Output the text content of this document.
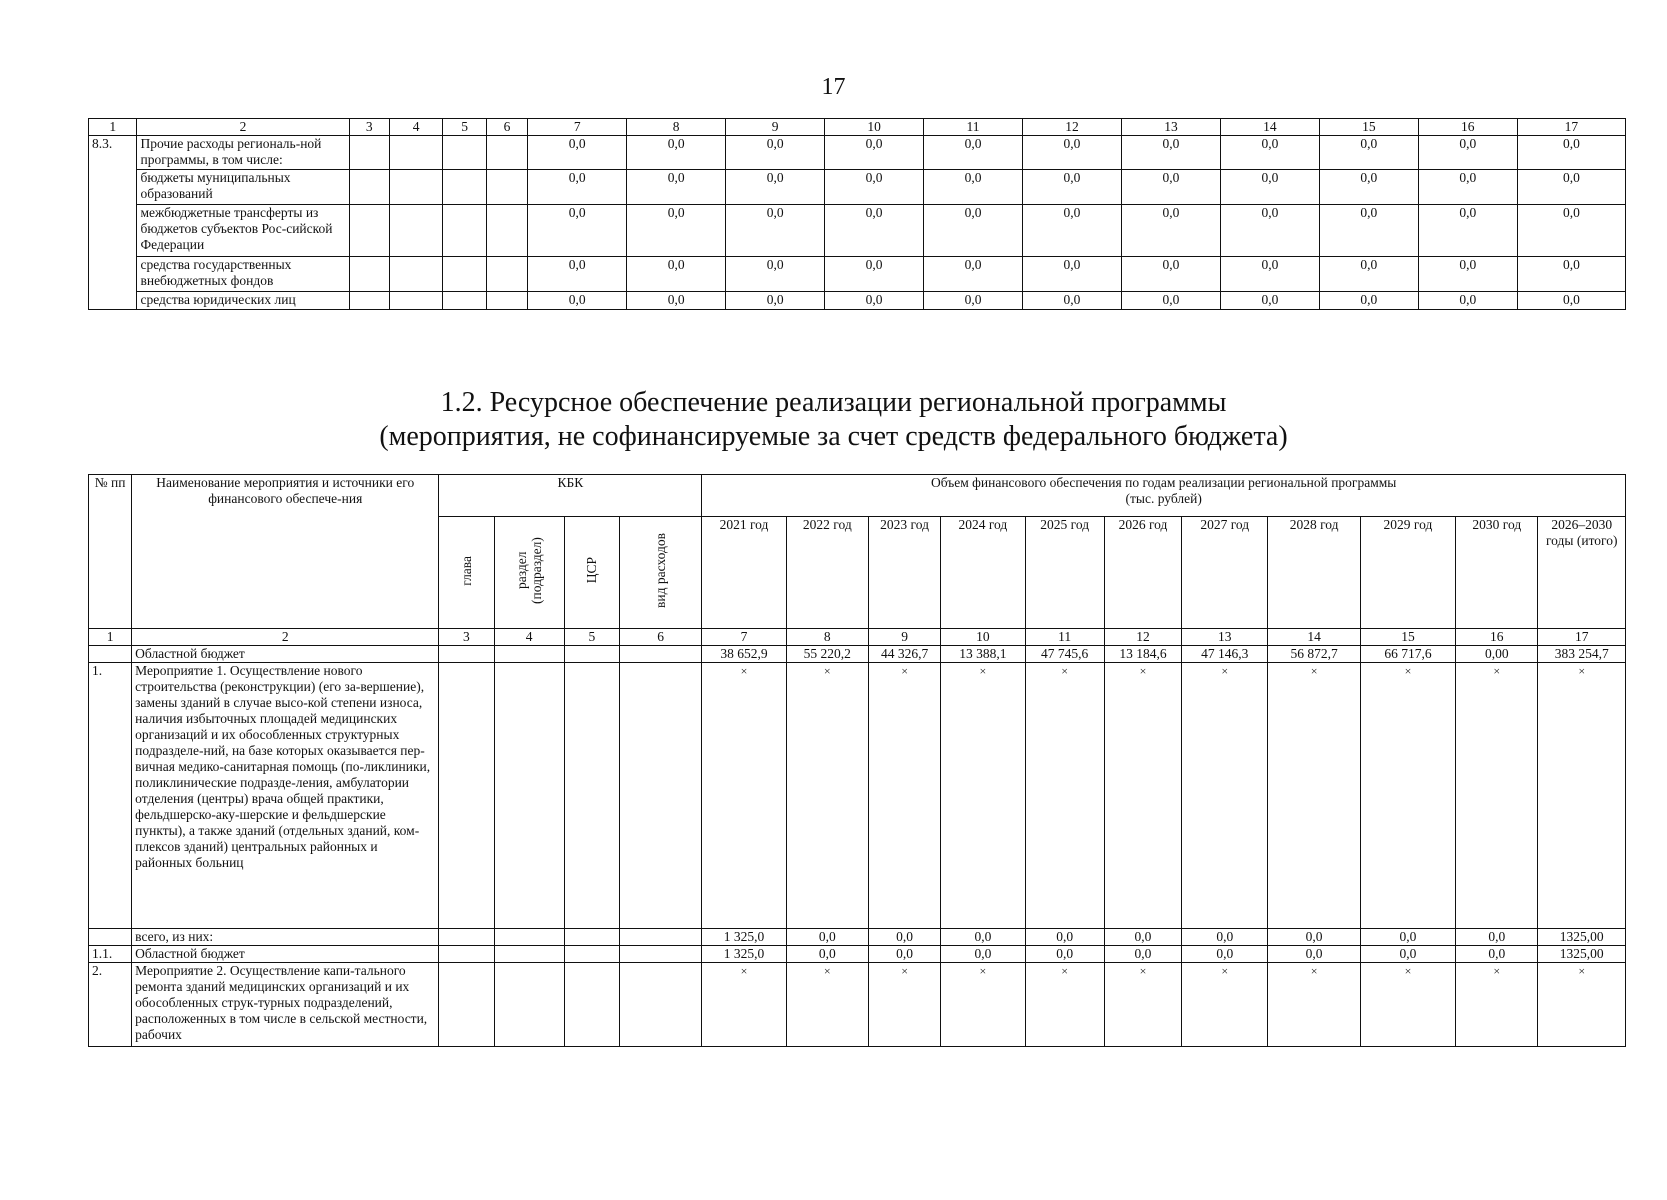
17
1	2	3	4	5	6	7	8	9	10	11	12	13	14	15	16	17
8.3.	Прочие расходы региональ-ной программы, в том числе:					0,0	0,0	0,0	0,0	0,0	0,0	0,0	0,0	0,0	0,0	0,0
	бюджеты муниципальных образований					0,0	0,0	0,0	0,0	0,0	0,0	0,0	0,0	0,0	0,0	0,0
	межбюджетные трансферты из бюджетов субъектов Рос-сийской Федерации					0,0	0,0	0,0	0,0	0,0	0,0	0,0	0,0	0,0	0,0	0,0
	средства государственных внебюджетных фондов					0,0	0,0	0,0	0,0	0,0	0,0	0,0	0,0	0,0	0,0	0,0
	средства юридических лиц					0,0	0,0	0,0	0,0	0,0	0,0	0,0	0,0	0,0	0,0	0,0
1.2. Ресурсное обеспечение реализации региональной программы
(мероприятия, не софинансируемые за счет средств федерального бюджета)
№ пп	Наименование мероприятия и источники его финансового обеспече-ния	КБК				Объем финансового обеспечения по годам реализации региональной программы
(тыс. рублей)										
		глава	раздел (подраздел)	ЦСР	вид расходов	2021 год	2022 год	2023 год	2024 год	2025 год	2026 год	2027 год	2028 год	2029 год	2030 год	2026–2030 годы (итого)
1	2	3	4	5	6	7	8	9	10	11	12	13	14	15	16	17
	Областной бюджет					38 652,9	55 220,2	44 326,7	13 388,1	47 745,6	13 184,6	47 146,3	56 872,7	66 717,6	0,00	383 254,7
1.	Мероприятие 1. Осуществление нового строительства (реконструкции) (его за-вершение), замены зданий в случае высо-кой степени износа, наличия избыточных площадей медицинских организаций и их обособленных структурных подразделе-ний, на базе которых оказывается пер-вичная медико-санитарная помощь (по-ликлиники, поликлинические подразде-ления, амбулатории отделения (центры) врача общей практики, фельдшерско-аку-шерские и фельдшерские пункты), а также зданий (отдельных зданий, ком-плексов зданий) центральных районных и районных больниц					×	×	×	×	×	×	×	×	×	×	×
	всего, из них:					1 325,0	0,0	0,0	0,0	0,0	0,0	0,0	0,0	0,0	0,0	1325,00
1.1.	Областной бюджет					1 325,0	0,0	0,0	0,0	0,0	0,0	0,0	0,0	0,0	0,0	1325,00
2.	Мероприятие 2. Осуществление капи-тального ремонта зданий медицинских организаций и их обособленных струк-турных подразделений, расположенных в том числе в сельской местности, рабочих					×	×	×	×	×	×	×	×	×	×	×
